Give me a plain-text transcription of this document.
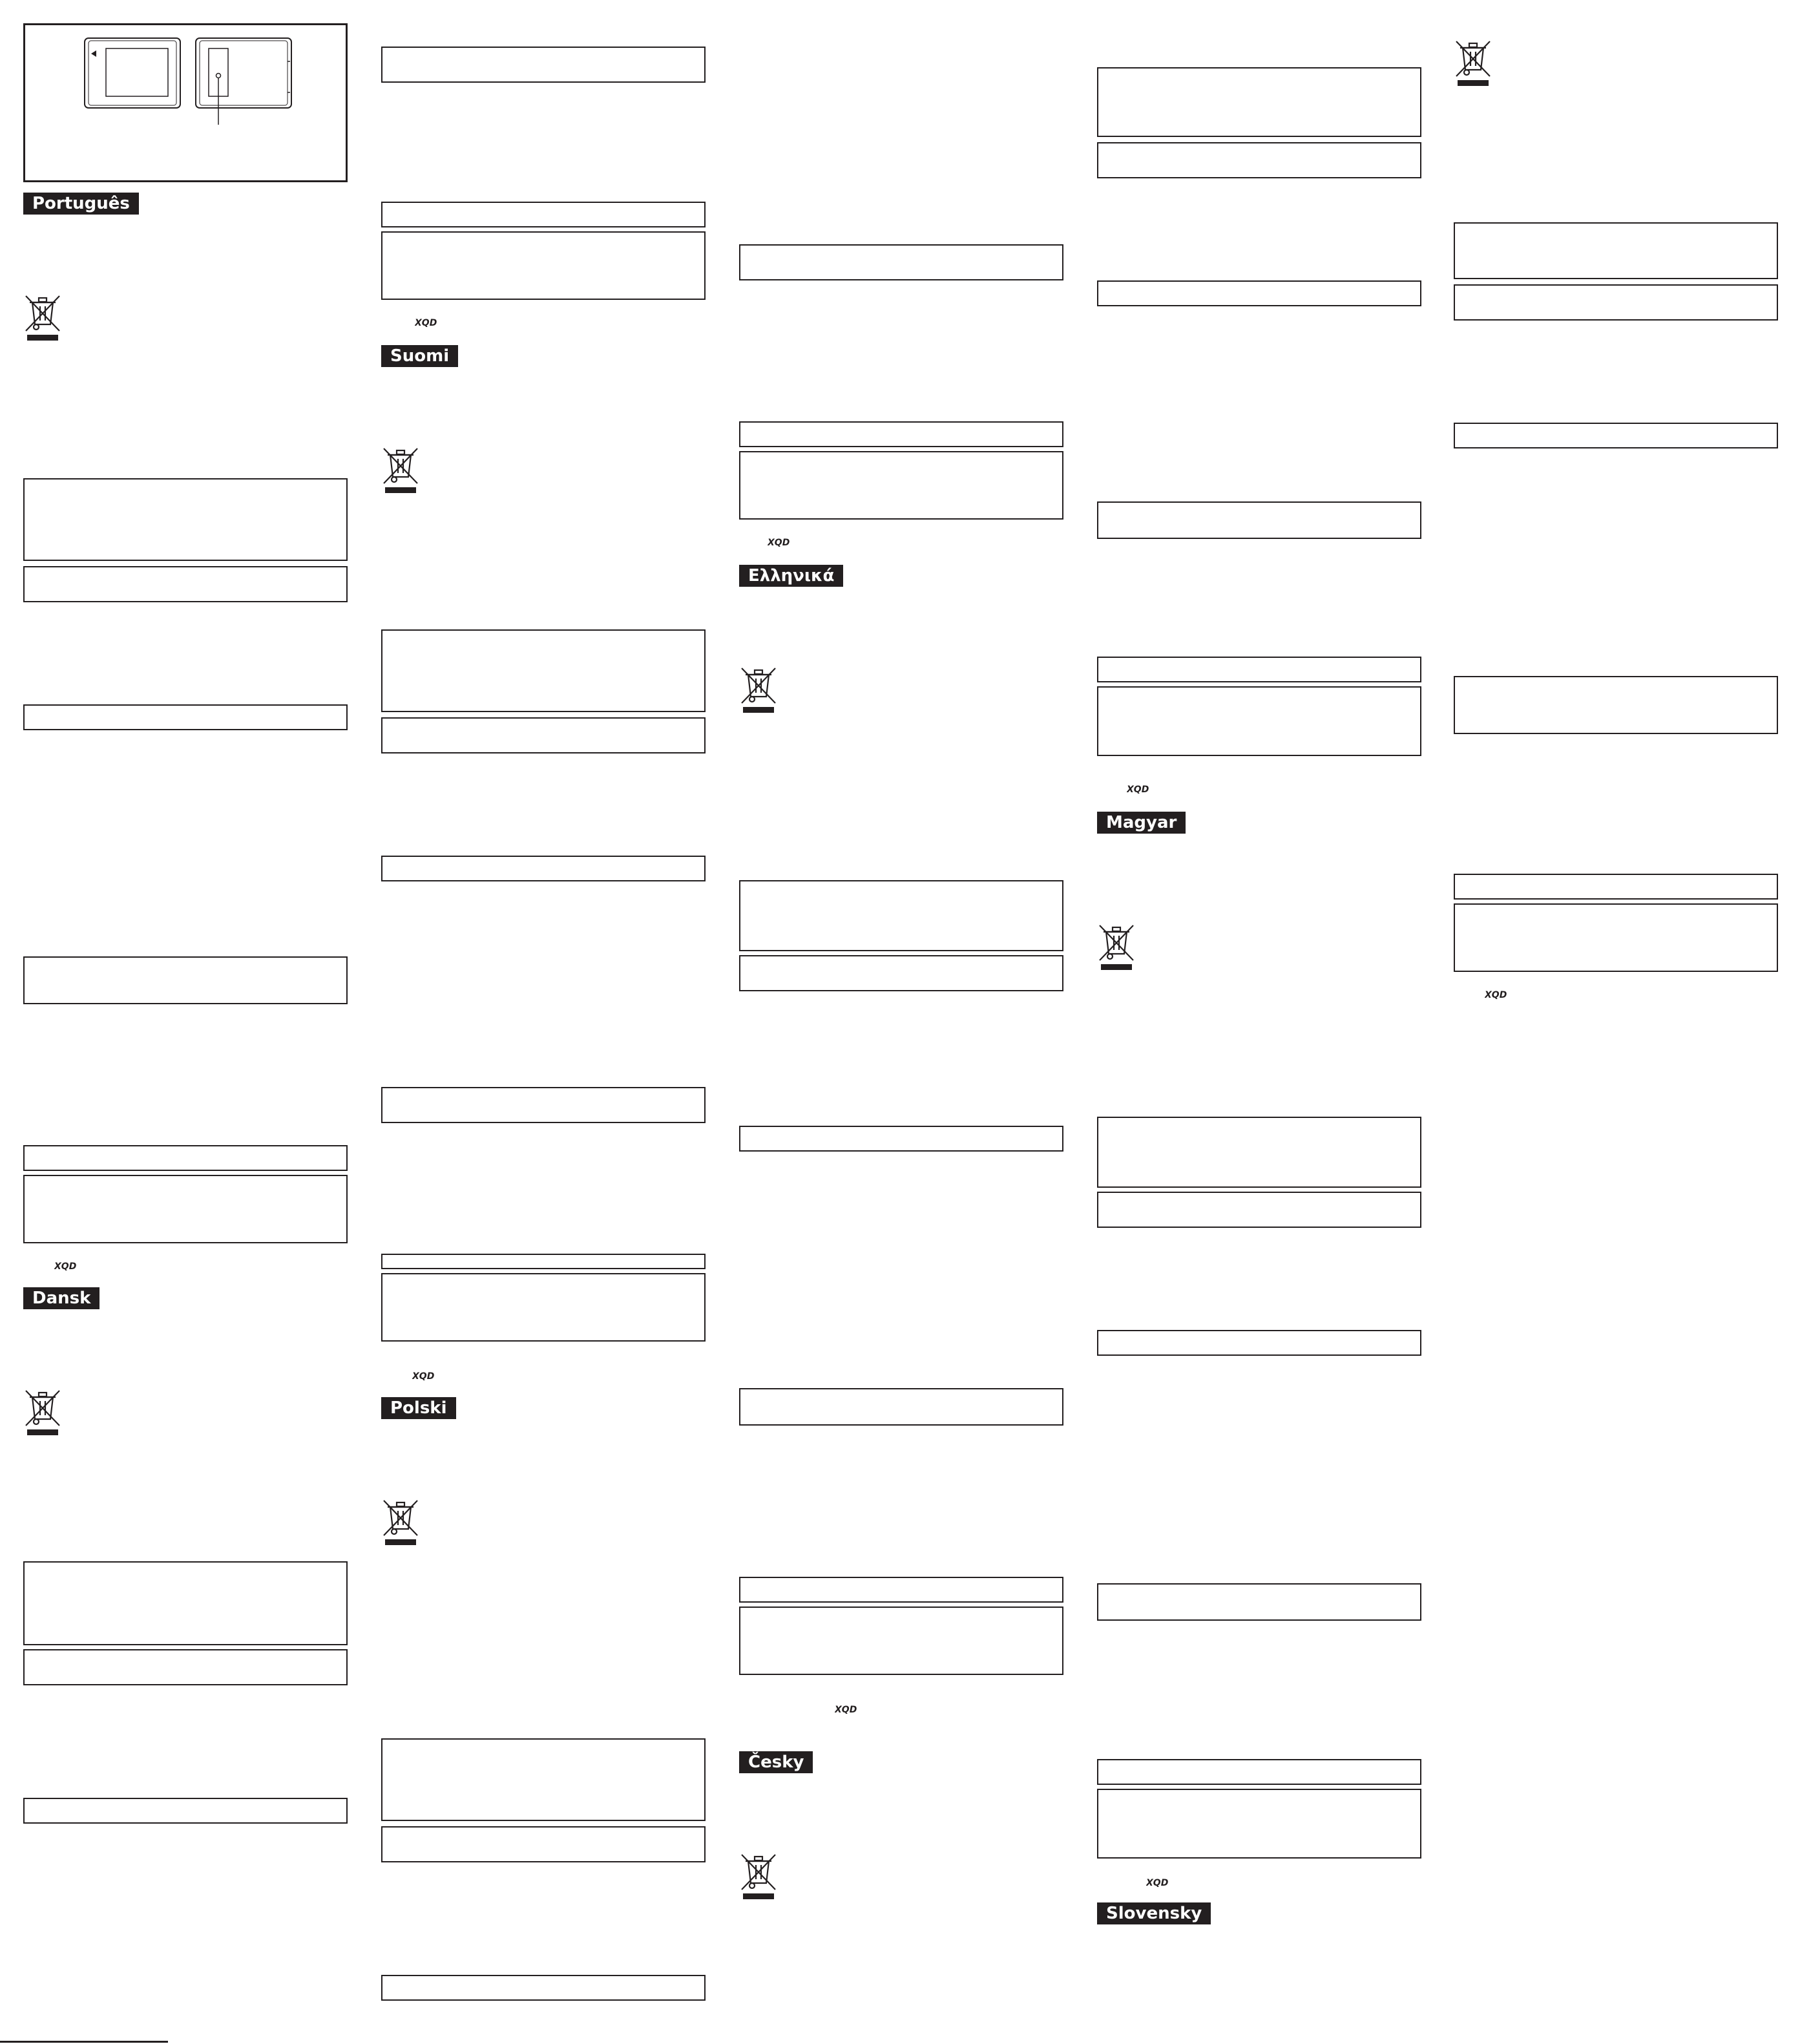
Português
XQD
Dansk
XQD
Suomi
XQD
Polski
XQD
Ελληνικά
XQD
Česky
XQD
Magyar
XQD
Slovensky
XQD
